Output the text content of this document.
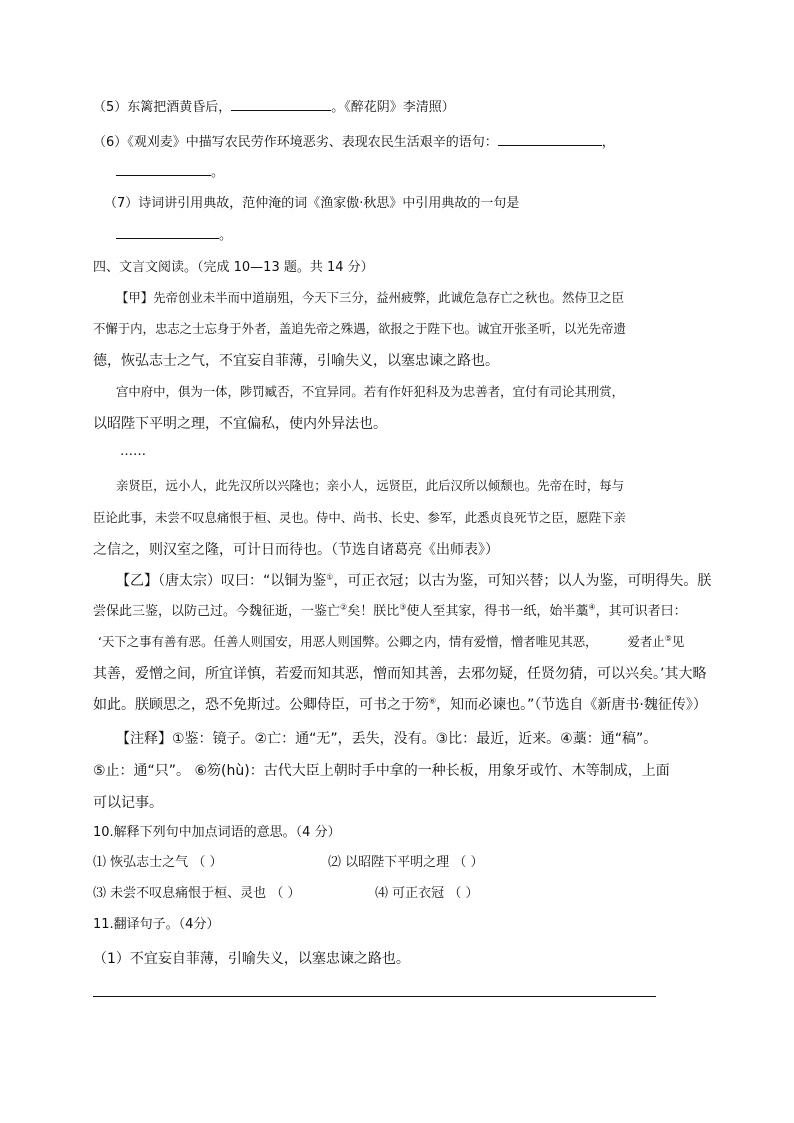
（5）东篱把酒黄昏后，	。《醉花阴》李清照）
（6）《观刈麦》中描写农民劳作环境恶劣、表现农民生活艰辛的语句：	，
。
（7）诗词讲引用典故，范仲淹的词《渔家傲·秋思》中引用典故的一句是
。
四、文言文阅读。（完成 10—13 题。共 14 分）
【甲】先帝创业未半而中道崩殂，今天下三分，益州疲弊，此诚危急存亡之秋也。然侍卫之臣
不懈于内，忠志之士忘身于外者，盖追先帝之殊遇，欲报之于陛下也。诚宜开张圣听，以光先帝遗
德，恢弘志士之气，不宜妄自菲薄，引喻失义，以塞忠谏之路也。
宫中府中，俱为一体，陟罚臧否，不宜异同。若有作奸犯科及为忠善者，宜付有司论其刑赏，
以昭陛下平明之理，不宜偏私，使内外异法也。
……
亲贤臣，远小人，此先汉所以兴隆也；亲小人，远贤臣，此后汉所以倾颓也。先帝在时，每与
臣论此事，未尝不叹息痛恨于桓、灵也。侍中、尚书、长史、参军，此悉贞良死节之臣，愿陛下亲
之信之，则汉室之隆，可计日而待也。（节选自诸葛亮《出师表》）
【乙】（唐太宗）叹曰：“以铜为鉴①，可正衣冠；以古为鉴，可知兴替；以人为鉴，可明得失。朕
尝保此三鉴，以防己过。今魏征逝，一鉴亡②矣！朕比③使人至其家，得书一纸，始半藁④，其可识者曰：
‘天下之事有善有恶。任善人则国安，用恶人则国弊。公卿之内，情有爱憎，憎者唯见其恶， 爱者止⑤见
其善，爱憎之间，所宜详慎，若爱而知其恶，憎而知其善，去邪勿疑，任贤勿猜，可以兴矣。’其大略
如此。朕顾思之，恐不免斯过。公卿侍臣，可书之于笏⑥，知而必谏也。”（节选自《新唐书·魏征传》）
【注释】①鉴：镜子。②亡：通“无”，丢失，没有。③比：最近，近来。④藁：通“稿”。
⑤止：通“只”。 ⑥笏(hù)：古代大臣上朝时手中拿的一种长板，用象牙或竹、木等制成，上面
可以记事。
10.解释下列句中加点词语的意思。（4 分）
⑴ 恢弘志士之气 （ ）	⑵ 以昭陛下平明之理 （ ）
⑶ 未尝不叹息痛恨于桓、灵也 （ ）	⑷ 可正衣冠 （ ）
11.翻译句子。（4分）
（1）不宜妄自菲薄，引喻失义，以塞忠谏之路也。
